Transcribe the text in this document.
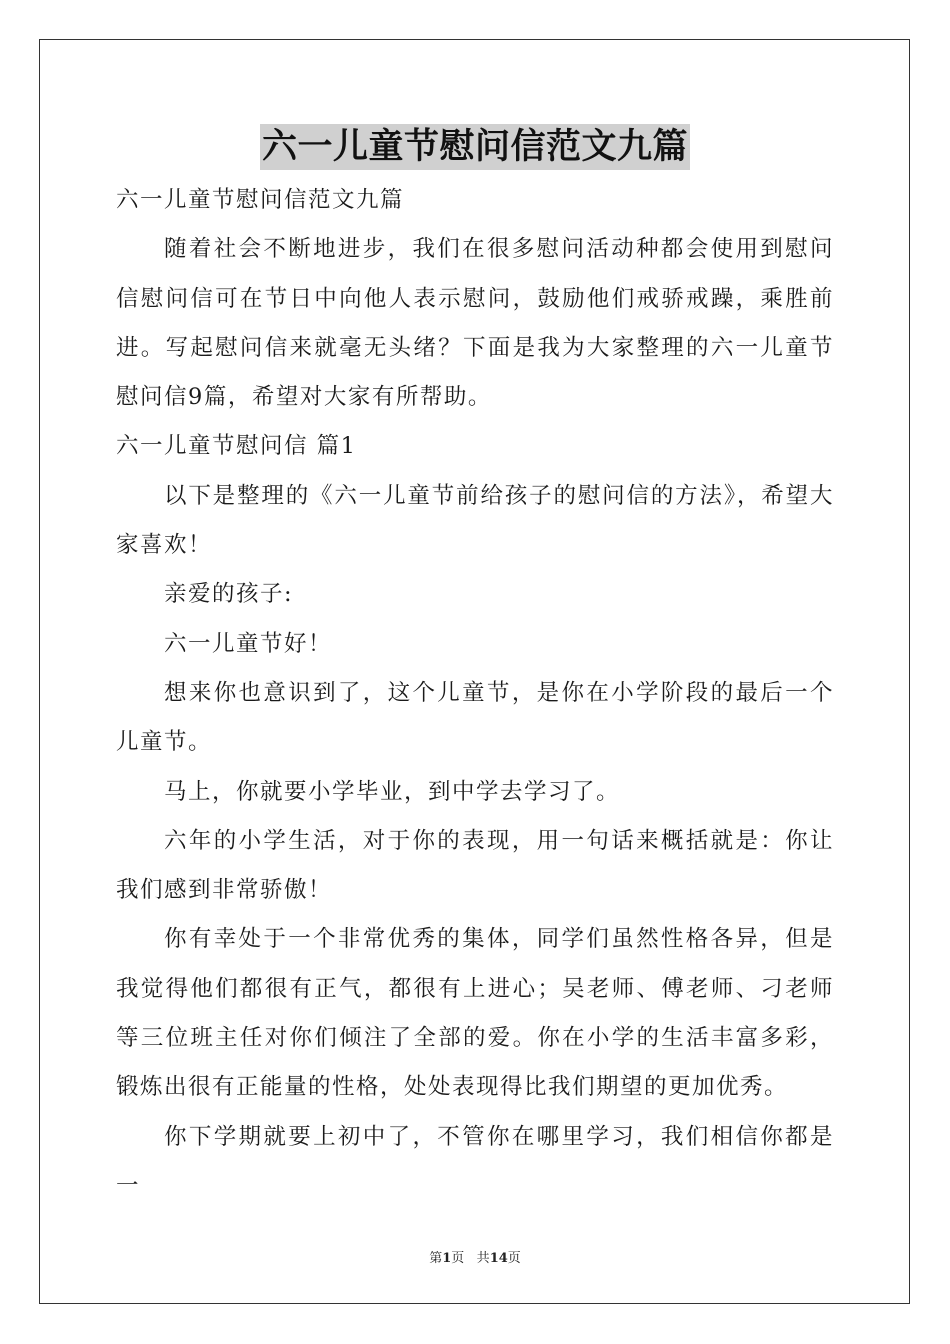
六一儿童节慰问信范文九篇

六一儿童节慰问信范文九篇

随着社会不断地进步，我们在很多慰问活动种都会使用到慰问信慰问信可在节日中向他人表示慰问，鼓励他们戒骄戒躁，乘胜前进。写起慰问信来就毫无头绪？下面是我为大家整理的六一儿童节慰问信9篇，希望对大家有所帮助。

六一儿童节慰问信 篇1

以下是整理的《六一儿童节前给孩子的慰问信的方法》，希望大家喜欢！

亲爱的孩子:

六一儿童节好！

想来你也意识到了，这个儿童节，是你在小学阶段的最后一个儿童节。

马上，你就要小学毕业，到中学去学习了。

六年的小学生活，对于你的表现，用一句话来概括就是：你让我们感到非常骄傲！

你有幸处于一个非常优秀的集体，同学们虽然性格各异，但是我觉得他们都很有正气，都很有上进心；吴老师、傅老师、刁老师等三位班主任对你们倾注了全部的爱。你在小学的生活丰富多彩，锻炼出很有正能量的性格，处处表现得比我们期望的更加优秀。

你下学期就要上初中了，不管你在哪里学习，我们相信你都是一

第1页 共14页
